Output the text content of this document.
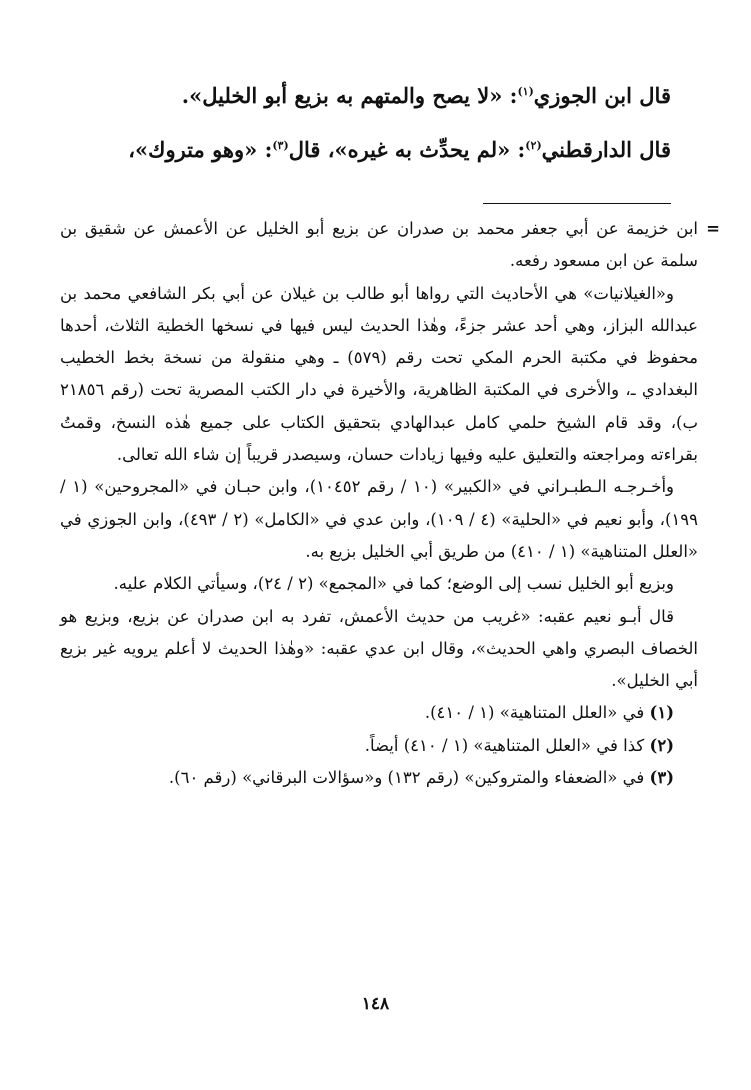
قال ابن الجوزي$^{(١)}$: «لا يصح والمتهم به بزيع أبو الخليل».

قال الدارقطني$^{(٢)}$: «لم يحدِّث به غيره»، قال$^{(٣)}$: «وهو متروك»،

=
ابن خزيمة عن أبي جعفر محمد بن صدران عن بزيع أبو الخليل عن الأعمش عن شقيق بن سلمة عن ابن مسعود رفعه.

و«الغيلانيات» هي الأحاديث التي رواها أبو طالب بن غيلان عن أبي بكر الشافعي محمد بن عبدالله البزاز، وهي أحد عشر جزءً، وهٰذا الحديث ليس فيها في نسخها الخطية الثلاث، أحدها محفوظ في مكتبة الحرم المكي تحت رقم (٥٧٩) ـ وهي منقولة من نسخة بخط الخطيب البغدادي ـ، والأخرى في المكتبة الظاهرية، والأخيرة في دار الكتب المصرية تحت (رقم ٢١٨٥٦ ب)، وقد قام الشيخ حلمي كامل عبدالهادي بتحقيق الكتاب على جميع هٰذه النسخ، وقمتُ بقراءته ومراجعته والتعليق عليه وفيها زيادات حسان، وسيصدر قريباً إن شاء الله تعالى.

وأخـرجـه الـطبـراني في «الكبير» (١٠ / رقم ١٠٤٥٢)، وابن حبـان في «المجروحين» (١ / ١٩٩)، وأبو نعيم في «الحلية» (٤ / ١٠٩)، وابن عدي في «الكامل» (٢ / ٤٩٣)، وابن الجوزي في «العلل المتناهية» (١ / ٤١٠) من طريق أبي الخليل بزيع به.

وبزيع أبو الخليل نسب إلى الوضع؛ كما في «المجمع» (٢ / ٢٤)، وسيأتي الكلام عليه.

قال أبـو نعيم عقبه: «غريب من حديث الأعمش، تفرد به ابن صدران عن بزيع، وبزيع هو الخصاف البصري واهي الحديث»، وقال ابن عدي عقبه: «وهٰذا الحديث لا أعلم يرويه غير بزيع أبي الخليل».

(١) في «العلل المتناهية» (١ / ٤١٠).
(٢) كذا في «العلل المتناهية» (١ / ٤١٠) أيضاً.
(٣) في «الضعفاء والمتروكين» (رقم ١٣٢) و«سؤالات البرقاني» (رقم ٦٠).
١٤٨
